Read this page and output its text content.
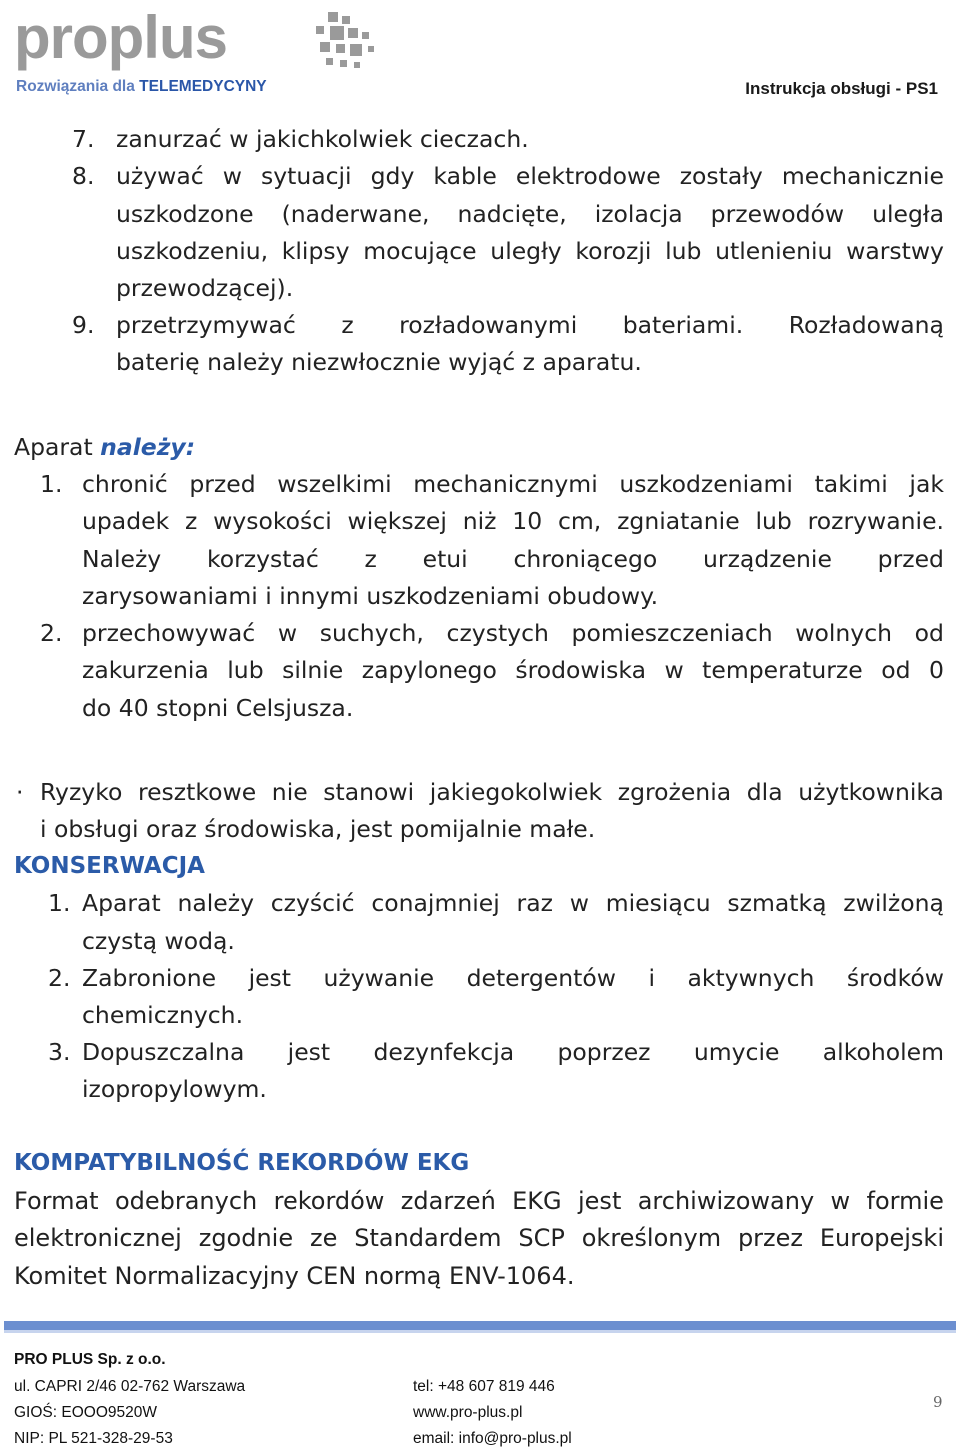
proplus
Rozwiązania dla TELEMEDYCYNY	Instrukcja obsługi - PS1
7. zanurzać w jakichkolwiek cieczach.
8. używać w sytuacji gdy kable elektrodowe zostały mechanicznie
uszkodzone (naderwane, nadcięte, izolacja przewodów uległa
uszkodzeniu, klipsy mocujące uległy korozji lub utlenieniu warstwy
przewodzącej).
9. przetrzymywać z rozładowanymi bateriami. Rozładowaną
baterię należy niezwłocznie wyjąć z aparatu.
Aparat należy:
1. chronić przed wszelkimi mechanicznymi uszkodzeniami takimi jak
upadek z wysokości większej niż 10 cm, zgniatanie lub rozrywanie.
Należy korzystać z etui chroniącego urządzenie przed
zarysowaniami i innymi uszkodzeniami obudowy.
2. przechowywać w suchych, czystych pomieszczeniach wolnych od
zakurzenia lub silnie zapylonego środowiska w temperaturze od 0
do 40 stopni Celsjusza.
· Ryzyko resztkowe nie stanowi jakiegokolwiek zgrożenia dla użytkownika
i obsługi oraz środowiska, jest pomijalnie małe.
KONSERWACJA
1. Aparat należy czyścić conajmniej raz w miesiącu szmatką zwilżoną
czystą wodą.
2. Zabronione jest używanie detergentów i aktywnych środków
chemicznych.
3. Dopuszczalna jest dezynfekcja poprzez umycie alkoholem
izopropylowym.
KOMPATYBILNOŚĆ REKORDÓW EKG
Format odebranych rekordów zdarzeń EKG jest archiwizowany w formie
elektronicznej zgodnie ze Standardem SCP określonym przez Europejski
Komitet Normalizacyjny CEN normą ENV-1064.
PRO PLUS Sp. z o.o.
ul. CAPRI 2/46 02-762 Warszawa
GIOŚ: EOOO9520W
NIP: PL 521-328-29-53
tel: +48 607 819 446
www.pro-plus.pl
email: info@pro-plus.pl
9
